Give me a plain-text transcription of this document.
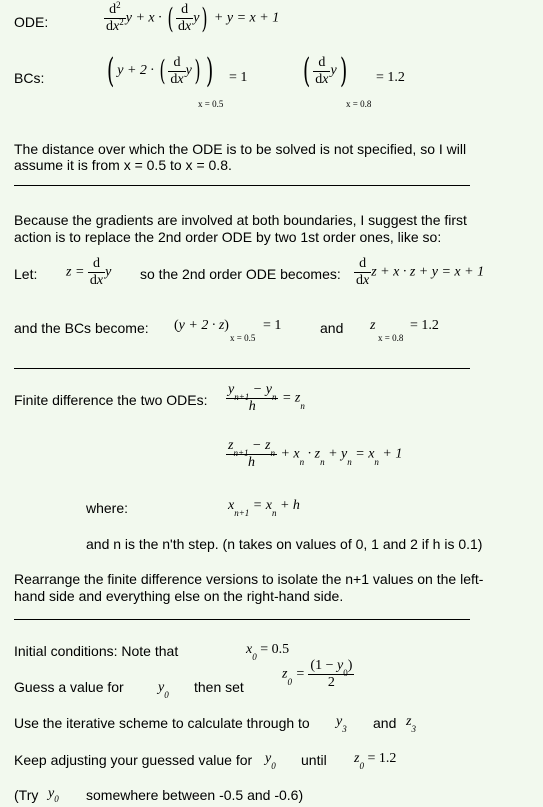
ODE:	$\frac{d^2}{dx^2}$ y + x · ( $\frac{d}{dx} y) + y = x + 1$
BCs: ( y + 2 · ( $\frac{d}{dx} y$) )
x = 0.5
= 1 ( $\frac{d}{dx} y$)
x = 0.8
= 1.2
The distance over which the ODE is to be solved is not specified, so I will
assume it is from x = 0.5 to x = 0.8.
Because the gradients are involved at both boundaries, I suggest the first
action is to replace the 2nd order ODE by two 1st order ones, like so:
Let: $z = \frac{d}{dx}$ y so the 2nd order ODE becomes: $\frac{d}{dx}$ z + x · z + y = x + 1
and the BCs become: (y + 2 · z)
x = 0.5
= 1	and z
x = 0.8
= 1.2
Finite difference the two ODEs: $\frac{y_{n+1} - y_n}{h} = z_n$
$\frac{z_{n+1} - z_n}{h} + x_n \cdot z_n + y_n = x_n + 1$
where:	$x_{n+1} = x_n + h$
and n is the n'th step. (n takes on values of 0, 1 and 2 if h is 0.1)
Rearrange the finite difference versions to isolate the n+1 values on the left-
hand side and everything else on the right-hand side.
Initial conditions: Note that	$x_0 = 0.5$
Guess a value for $y_0$ then set
$z_0 = \frac{(1 - y_0)}{2}$
Use the iterative scheme to calculate through to $y_3$ and $z_3$
Keep adjusting your guessed value for $y_0$ until $z_0 = 1.2$
(Try $y_0$ somewhere between -0.5 and -0.6)
